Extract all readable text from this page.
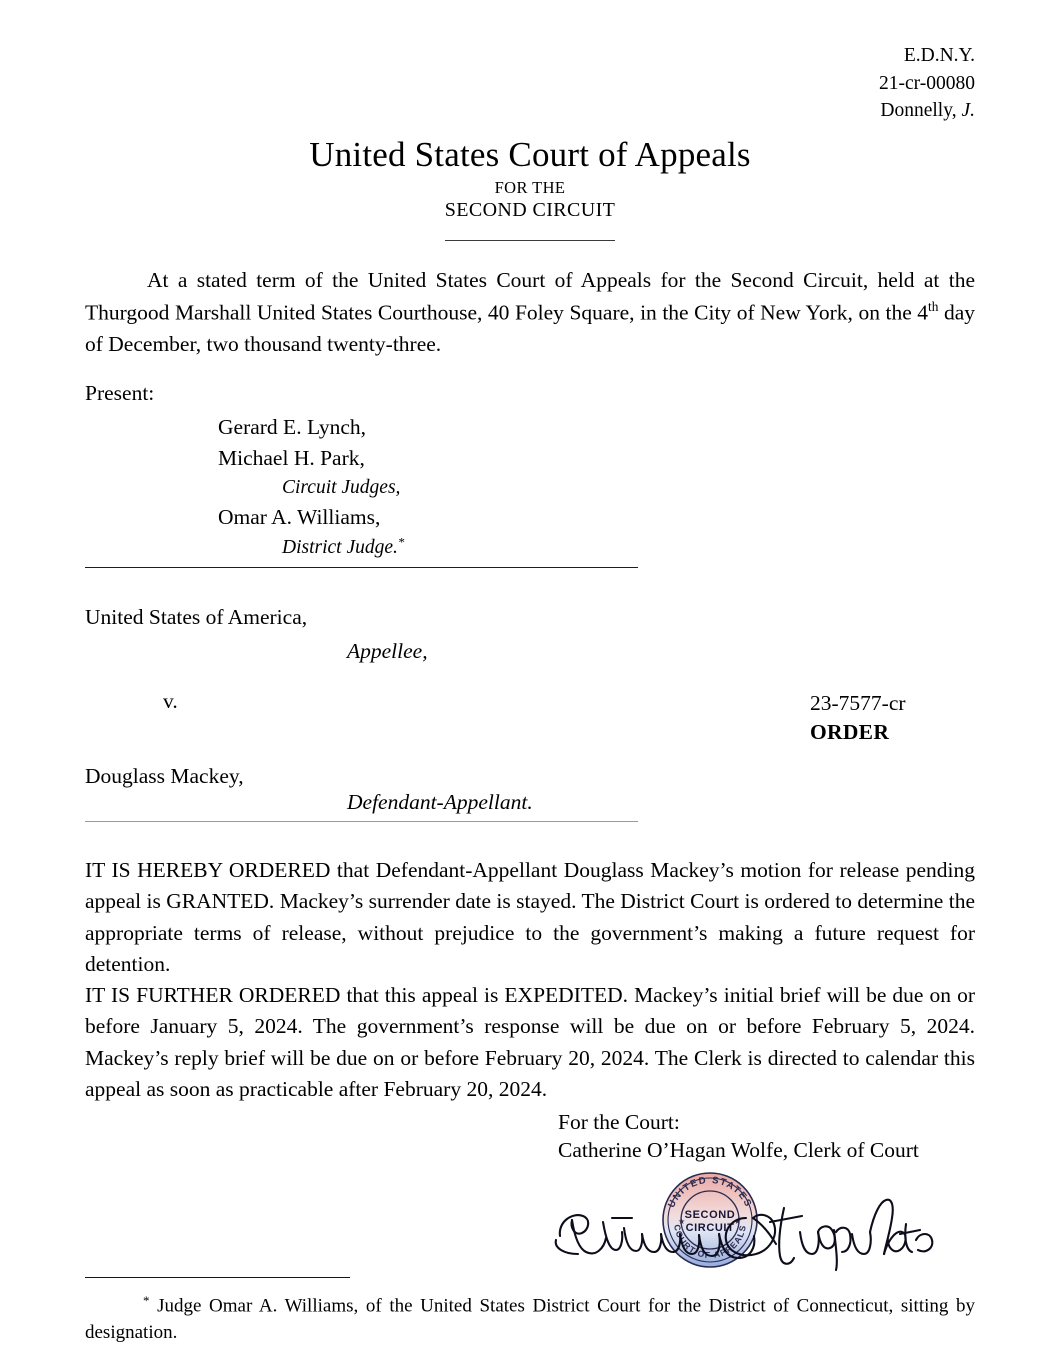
E.D.N.Y.
21-cr-00080
Donnelly, J.
United States Court of Appeals
FOR THE
SECOND CIRCUIT
At a stated term of the United States Court of Appeals for the Second Circuit, held at the Thurgood Marshall United States Courthouse, 40 Foley Square, in the City of New York, on the 4th day of December, two thousand twenty-three.
Present:
Gerard E. Lynch,
Michael H. Park,
Circuit Judges,
Omar A. Williams,
District Judge.*
United States of America,
Appellee,
v.
Douglass Mackey,
Defendant-Appellant.
23-7577-cr
ORDER
IT IS HEREBY ORDERED that Defendant-Appellant Douglass Mackey’s motion for release pending appeal is GRANTED. Mackey’s surrender date is stayed. The District Court is ordered to determine the appropriate terms of release, without prejudice to the government’s making a future request for detention.
IT IS FURTHER ORDERED that this appeal is EXPEDITED. Mackey’s initial brief will be due on or before January 5, 2024. The government’s response will be due on or before February 5, 2024. Mackey’s reply brief will be due on or before February 20, 2024. The Clerk is directed to calendar this appeal as soon as practicable after February 20, 2024.
For the Court:
Catherine O’Hagan Wolfe, Clerk of Court
UNITED STATES
COURT OF APPEALS
★	★
SECOND
CIRCUIT
* Judge Omar A. Williams, of the United States District Court for the District of Connecticut, sitting by designation.
